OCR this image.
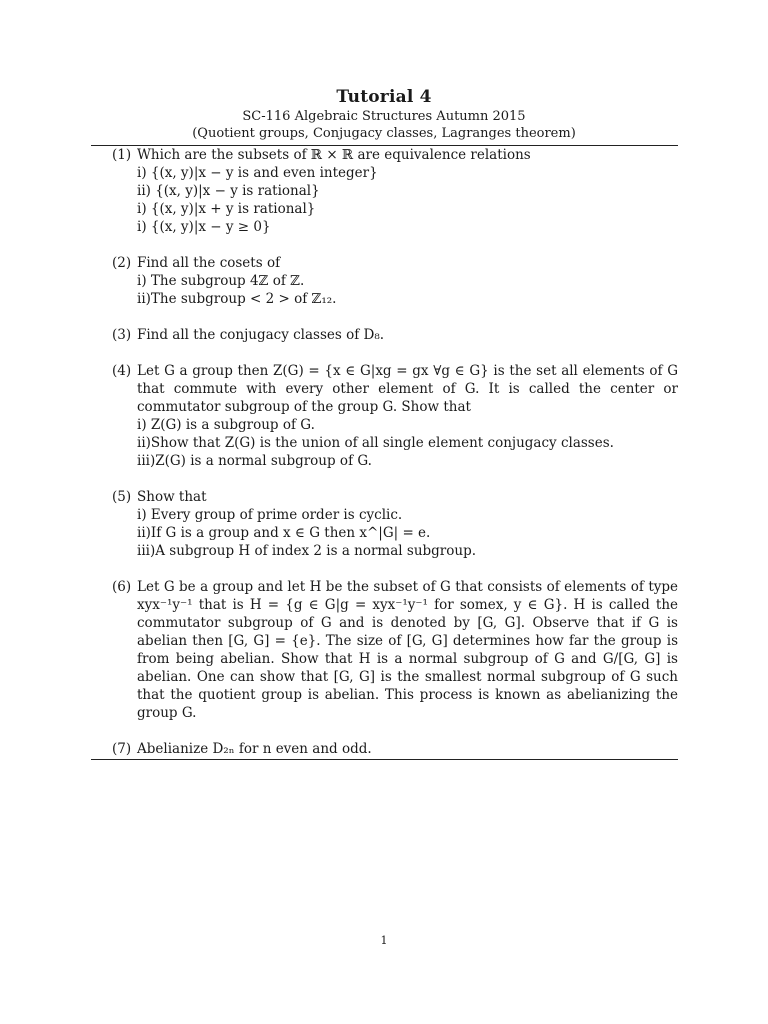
Tutorial 4
SC-116 Algebraic Structures Autumn 2015
(Quotient groups, Conjugacy classes, Lagranges theorem)
(1) Which are the subsets of ℝ × ℝ are equivalence relations
i) {(x, y)|x − y is and even integer}
ii) {(x, y)|x − y is rational}
i) {(x, y)|x + y is rational}
i) {(x, y)|x − y ≥ 0}
(2) Find all the cosets of
i) The subgroup 4ℤ of ℤ.
ii)The subgroup < 2 > of ℤ₁₂.
(3) Find all the conjugacy classes of D₈.
(4) Let G a group then Z(G) = {x ∈ G|xg = gx ∀g ∈ G} is the set all elements of G that commute with every other element of G. It is called the center or commutator subgroup of the group G. Show that
i) Z(G) is a subgroup of G.
ii)Show that Z(G) is the union of all single element conjugacy classes.
iii)Z(G) is a normal subgroup of G.
(5) Show that
i) Every group of prime order is cyclic.
ii)If G is a group and x ∈ G then x^|G| = e.
iii)A subgroup H of index 2 is a normal subgroup.
(6) Let G be a group and let H be the subset of G that consists of elements of type xyx⁻¹y⁻¹ that is H = {g ∈ G|g = xyx⁻¹y⁻¹ for somex, y ∈ G}. H is called the commutator subgroup of G and is denoted by [G, G]. Observe that if G is abelian then [G, G] = {e}. The size of [G, G] determines how far the group is from being abelian. Show that H is a normal subgroup of G and G/[G, G] is abelian. One can show that [G, G] is the smallest normal subgroup of G such that the quotient group is abelian. This process is known as abelianizing the group G.
(7) Abelianize D₂ₙ for n even and odd.
1
